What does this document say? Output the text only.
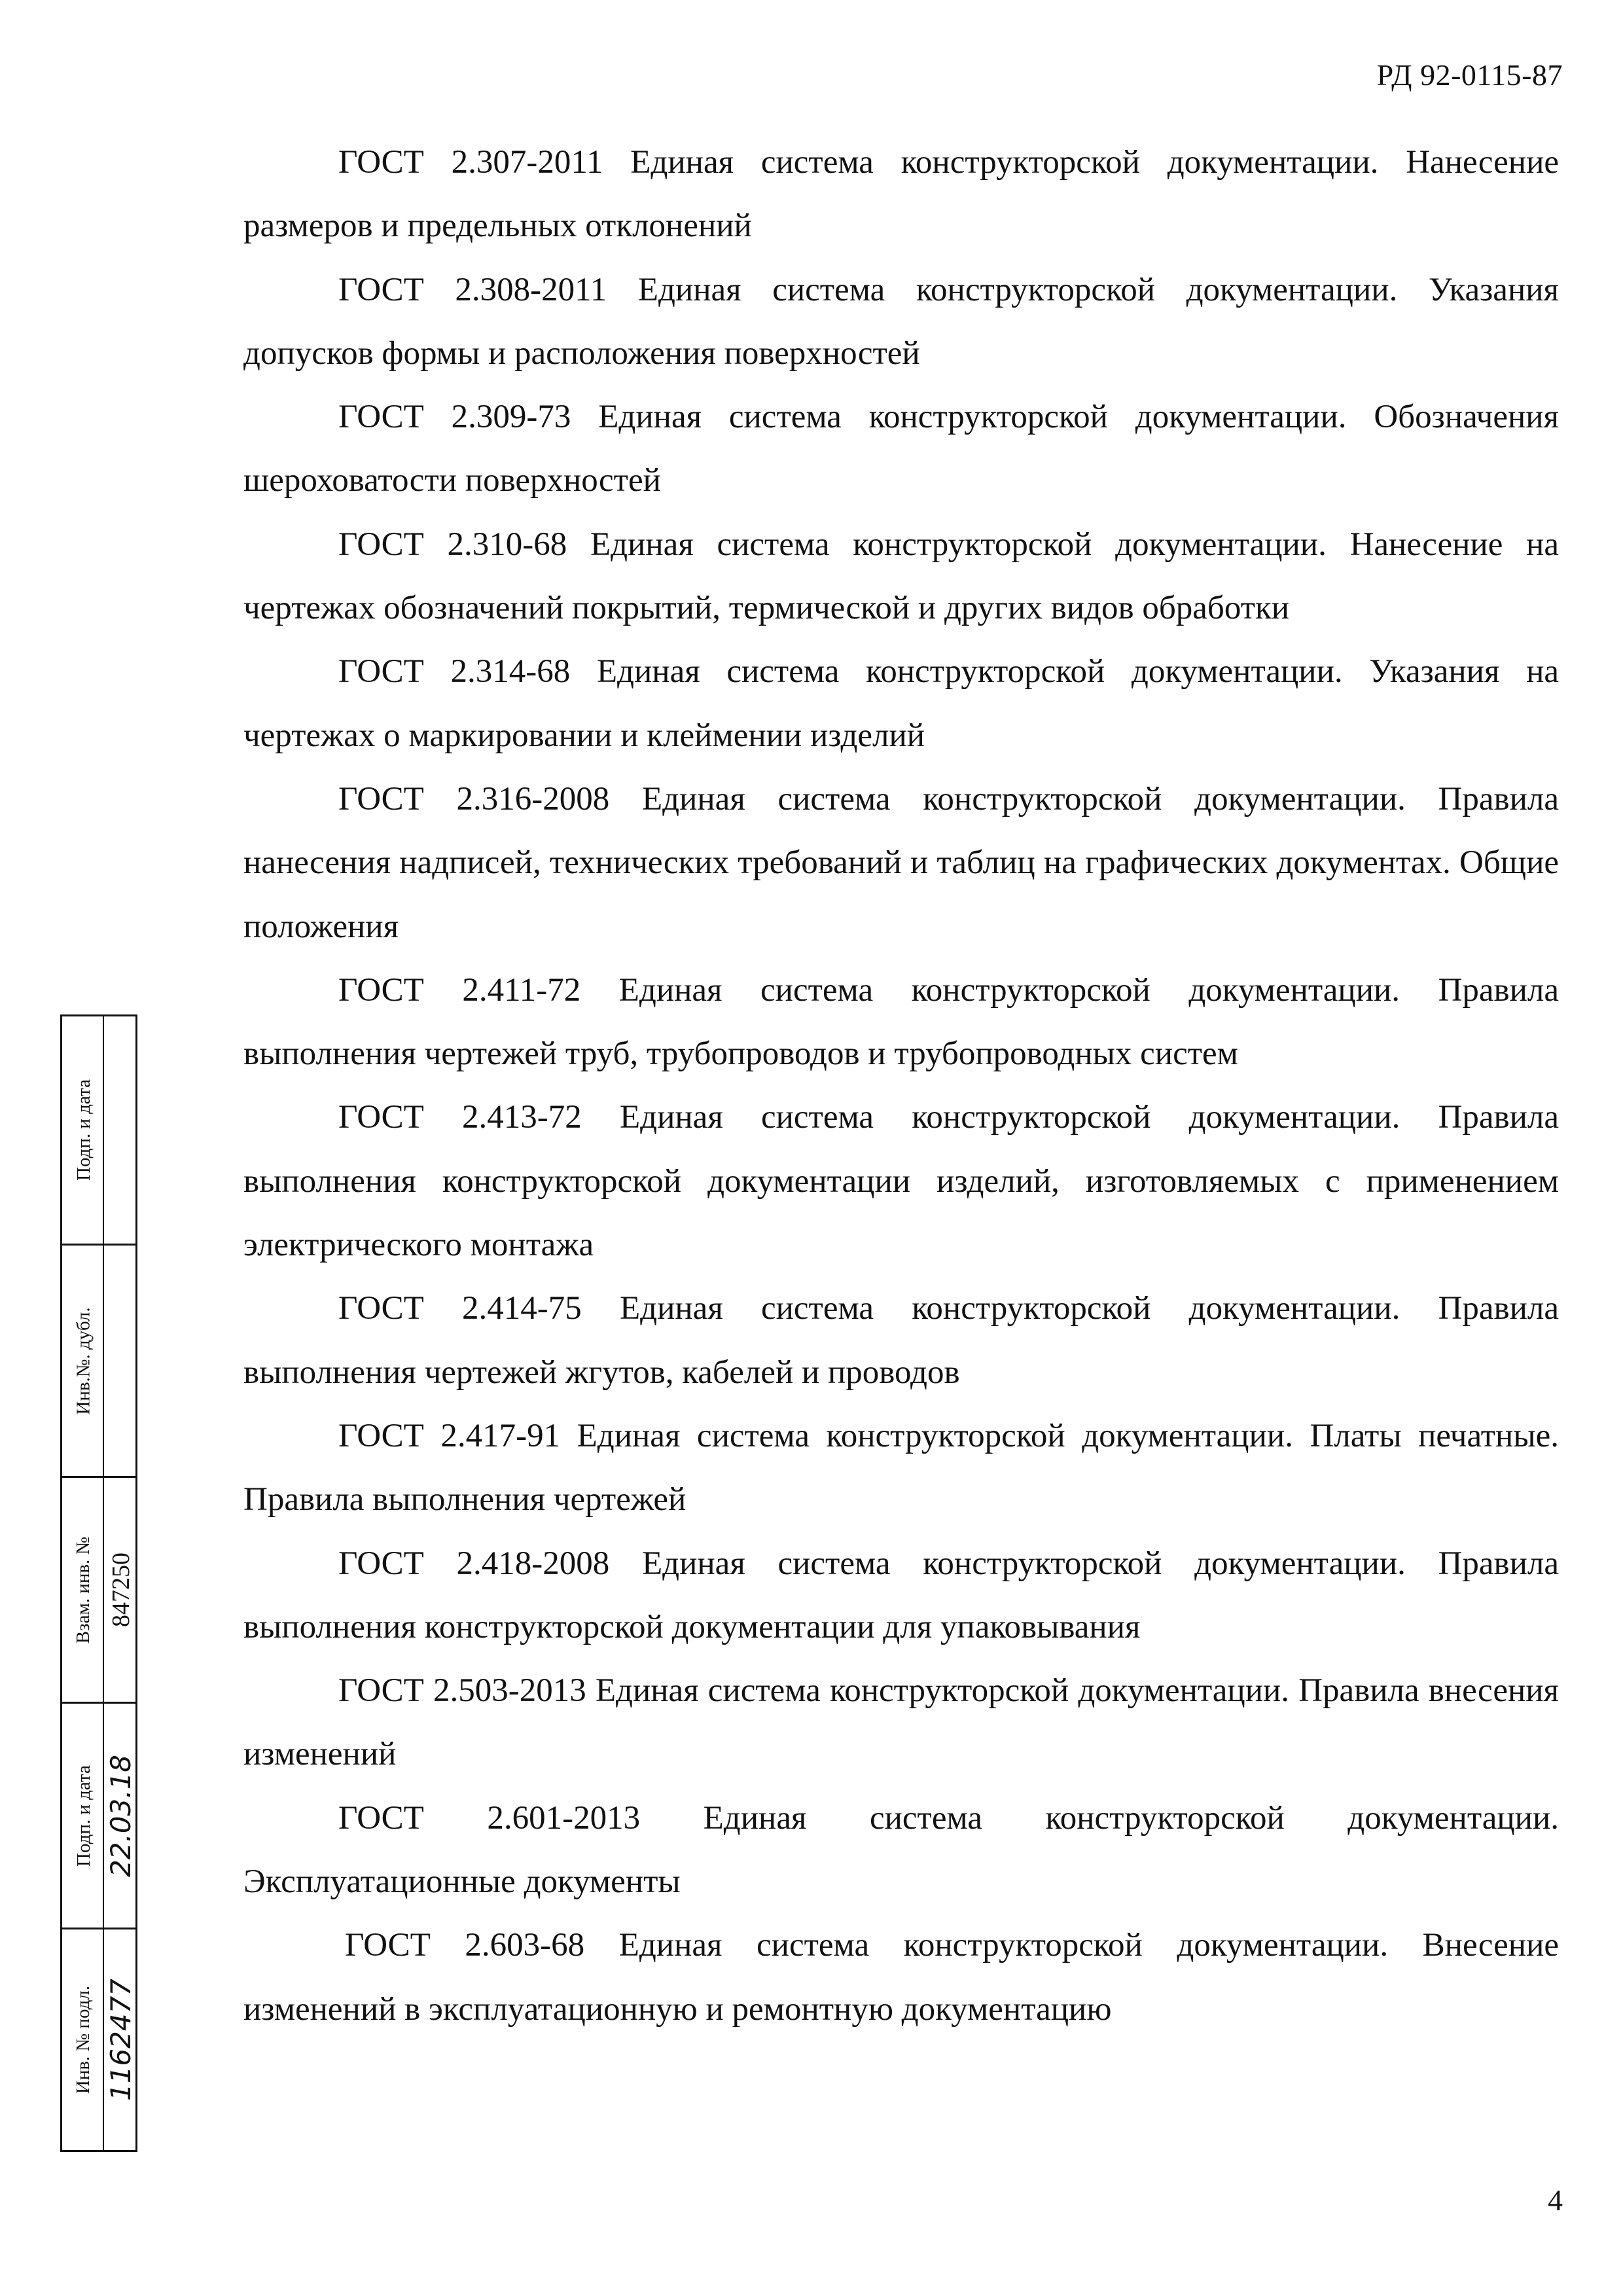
РД 92-0115-87

ГОСТ 2.307-2011 Единая система конструкторской документации. Нанесение размеров и предельных отклонений

ГОСТ 2.308-2011 Единая система конструкторской документации. Указания допусков формы и расположения поверхностей

ГОСТ 2.309-73 Единая система конструкторской документации. Обозначения шероховатости поверхностей

ГОСТ 2.310-68 Единая система конструкторской документации. Нанесение на чертежах обозначений покрытий, термической и других видов обработки

ГОСТ 2.314-68 Единая система конструкторской документации. Указания на чертежах о маркировании и клеймении изделий

ГОСТ 2.316-2008 Единая система конструкторской документации. Правила нанесения надписей, технических требований и таблиц на графических документах. Общие положения

ГОСТ 2.411-72 Единая система конструкторской документации. Правила выполнения чертежей труб, трубопроводов и трубопроводных систем

ГОСТ 2.413-72 Единая система конструкторской документации. Правила выполнения конструкторской документации изделий, изготовляемых с применением электрического монтажа

ГОСТ 2.414-75 Единая система конструкторской документации. Правила выполнения чертежей жгутов, кабелей и проводов

ГОСТ 2.417-91 Единая система конструкторской документации. Платы печатные. Правила выполнения чертежей

ГОСТ 2.418-2008 Единая система конструкторской документации. Правила выполнения конструкторской документации для упаковывания

ГОСТ 2.503-2013 Единая система конструкторской документации. Правила внесения изменений

ГОСТ 2.601-2013 Единая система конструкторской документации. Эксплуатационные документы

ГОСТ 2.603-68 Единая система конструкторской документации. Внесение изменений в эксплуатационную и ремонтную документацию

Подп. и дата
Инв.№. дубл.
Взам. инв. № 847250
Подп. и дата 22.03.18
Инв. № подл. 1162477
4
